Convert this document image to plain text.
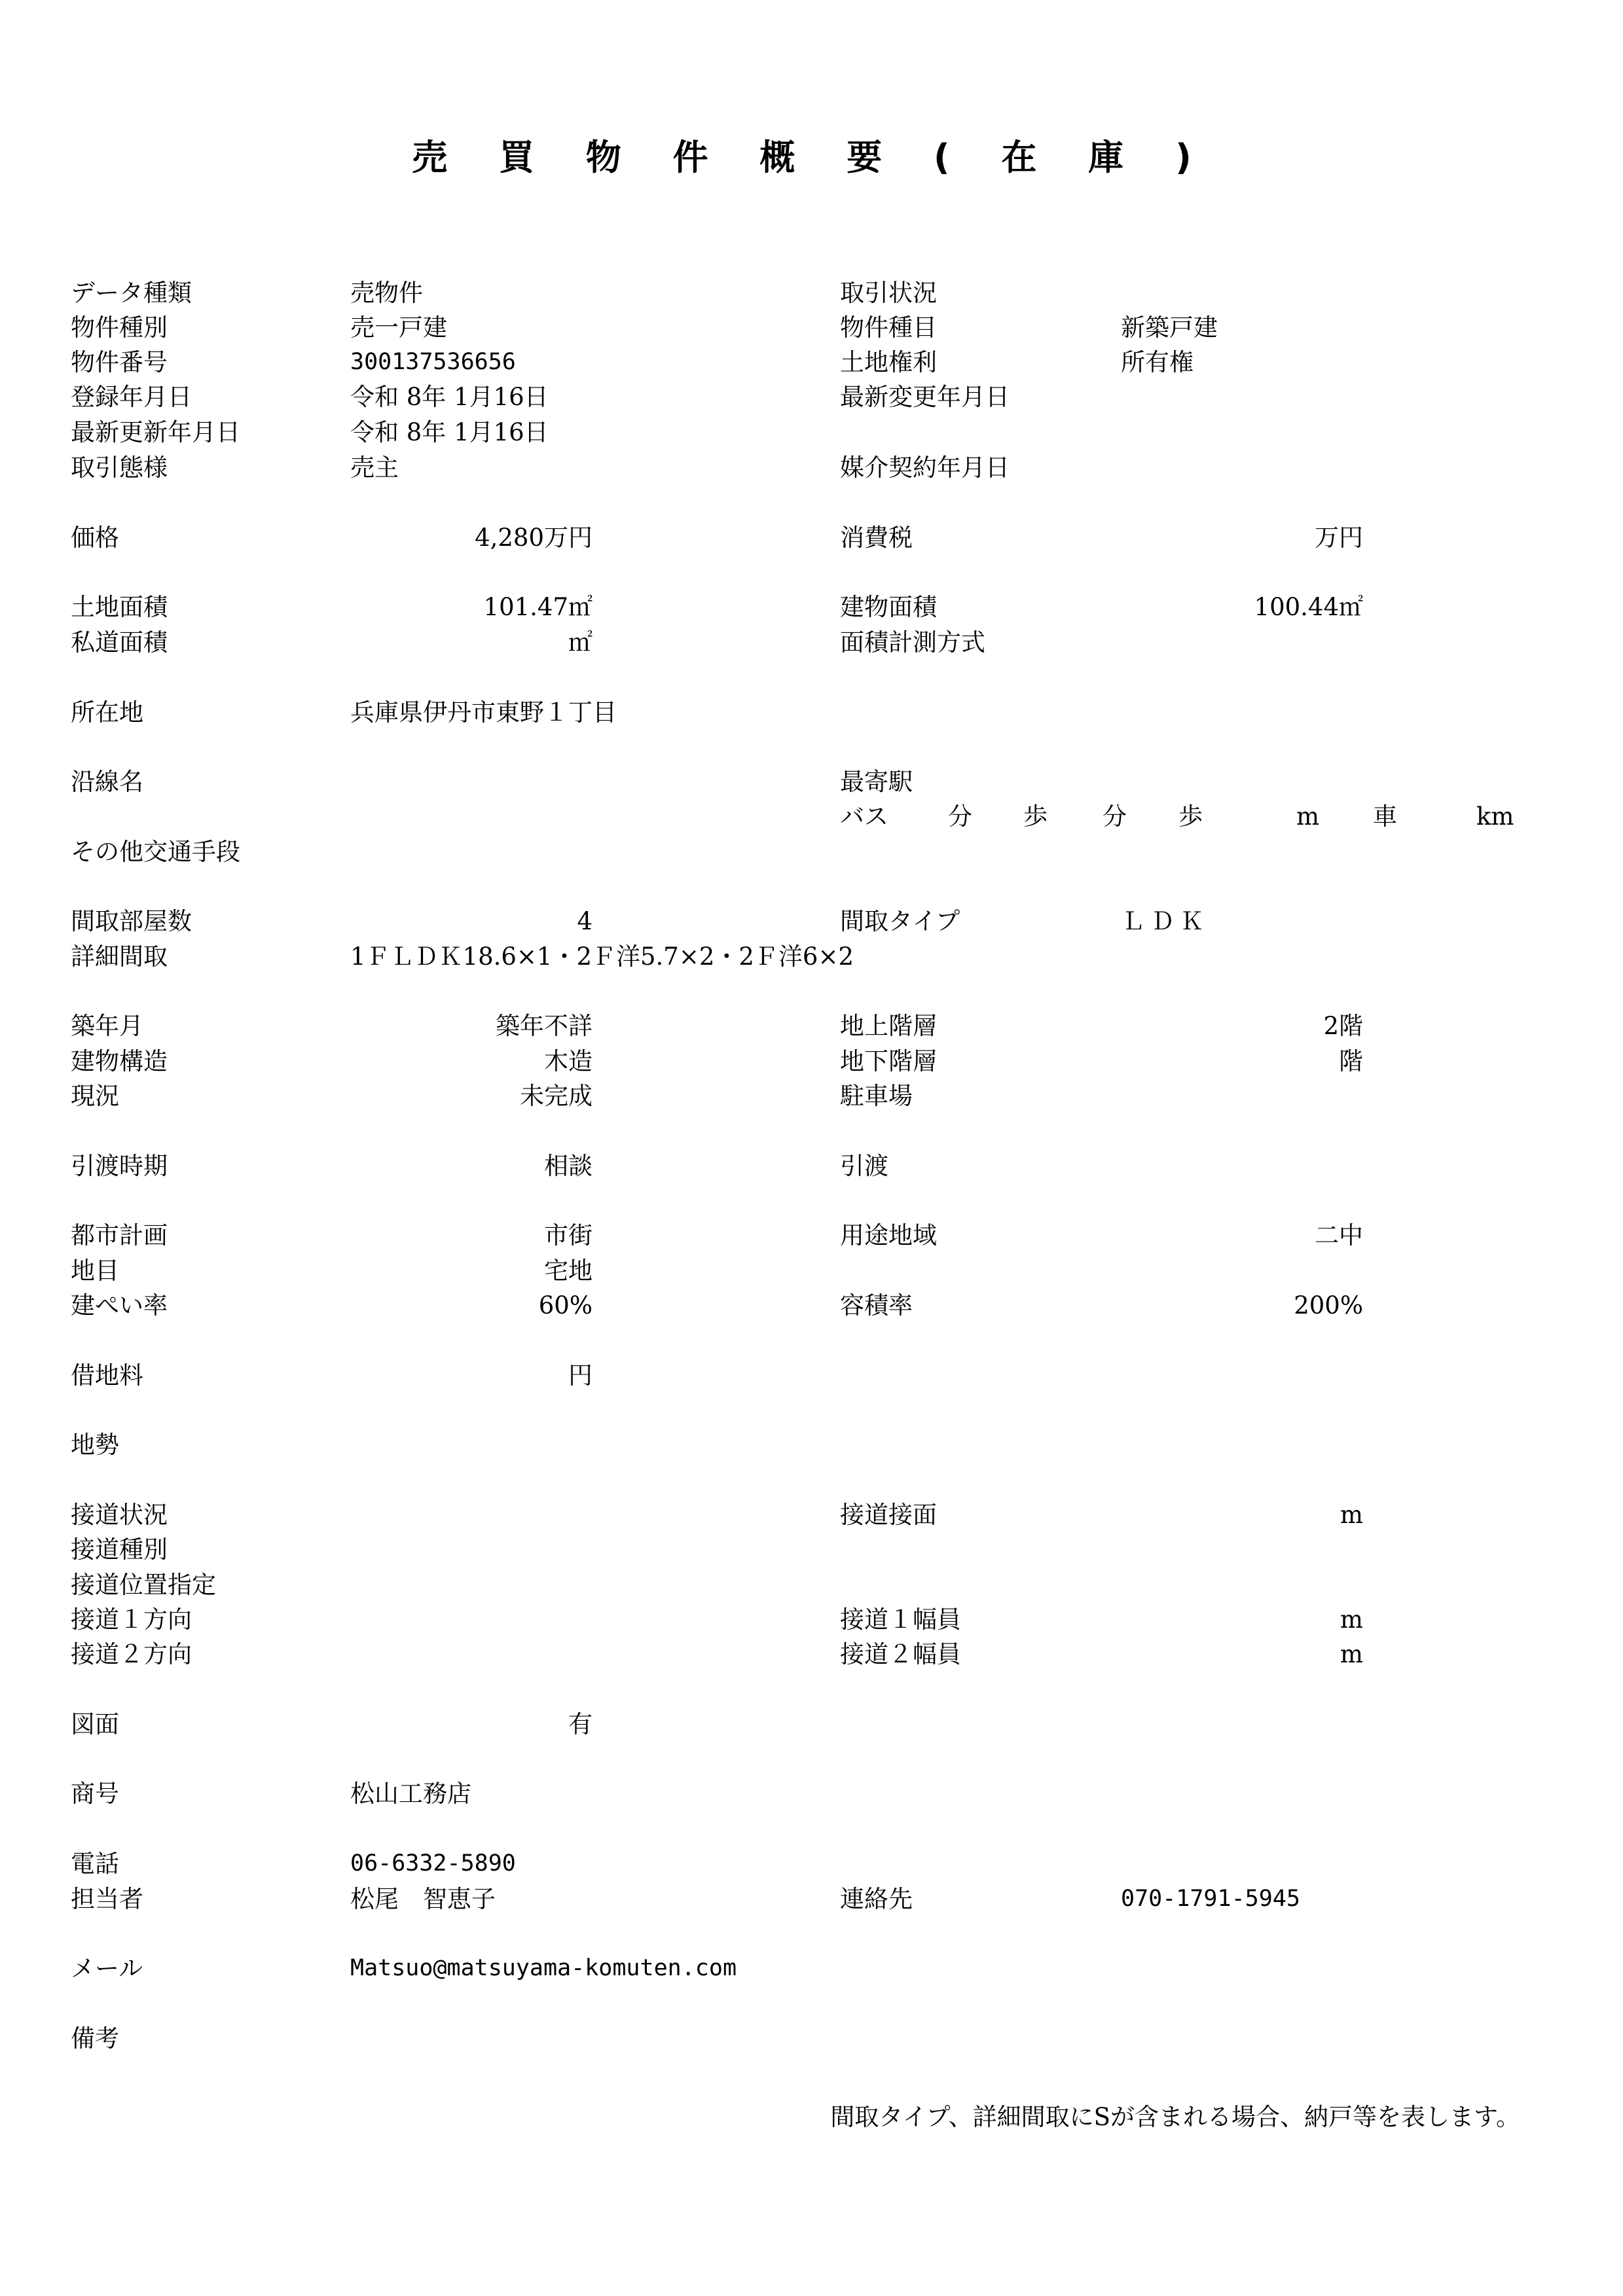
売 買 物 件 概 要 ( 在 庫 )
データ種類
物件種別
物件番号
登録年月日
最新更新年月日
取引態様
価格
土地面積
私道面積
所在地
沿線名
その他交通手段
間取部屋数
詳細間取
築年月
建物構造
現況
引渡時期
都市計画
地目
建ぺい率
借地料
地勢
接道状況
接道種別
接道位置指定
接道１方向
接道２方向
図面
商号
電話
担当者
メール
備考
売物件
売一戸建
300137536656
令和 8年 1月16日
令和 8年 1月16日
売主
兵庫県伊丹市東野１丁目
1ＦＬＤＫ18.6×1・2Ｆ洋5.7×2・2Ｆ洋6×2
松山工務店
06-6332-5890
松尾　智恵子
Matsuo@matsuyama-komuten.com
4,280万円
101.47㎡
㎡
4
築年不詳
木造
未完成
相談
市街
宅地
60%
円
有
取引状況
物件種目
土地権利
最新変更年月日
媒介契約年月日
消費税
建物面積
面積計測方式
最寄駅
バス
間取タイプ
地上階層
地下階層
駐車場
引渡
用途地域
容積率
接道接面
接道１幅員
接道２幅員
連絡先
新築戸建
所有権
ＬＤＫ
070-1791-5945
万円
100.44㎡
2階
階
二中
200%
m
m
m
分 歩 分 歩	m 車	km
間取タイプ、詳細間取にSが含まれる場合、納戸等を表します。
